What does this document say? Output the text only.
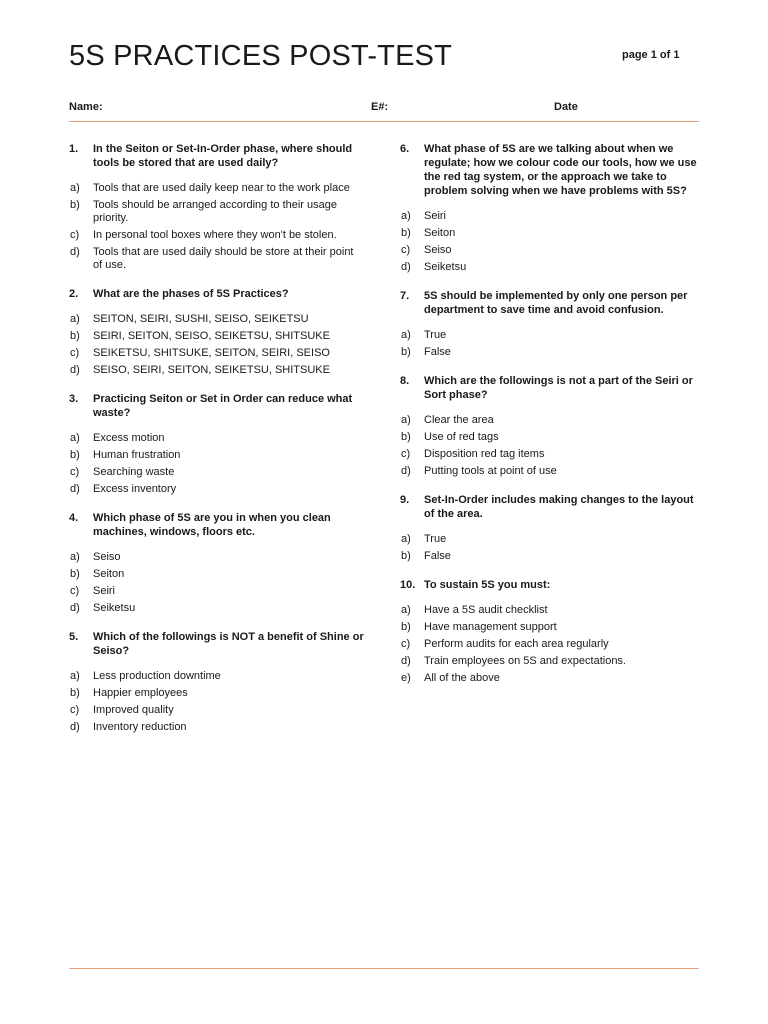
5S PRACTICES POST-TEST	page 1 of 1
Name:	E#:	Date
1.	In the Seiton or Set-In-Order phase, where should tools be stored that are used daily?
a)	Tools that are used daily keep near to the work place
b)	Tools should be arranged according to their usage priority.
c)	In personal tool boxes where they won't be stolen.
d)	Tools that are used daily should be store at their point of use.
2.	What are the phases of 5S Practices?
a)	SEITON, SEIRI, SUSHI, SEISO, SEIKETSU
b)	SEIRI, SEITON, SEISO, SEIKETSU, SHITSUKE
c)	SEIKETSU, SHITSUKE, SEITON, SEIRI, SEISO
d)	SEISO, SEIRI, SEITON, SEIKETSU, SHITSUKE
3.	Practicing Seiton or Set in Order can reduce what waste?
a)	Excess motion
b)	Human frustration
c)	Searching waste
d)	Excess inventory
4.	Which phase of 5S are you in when you clean machines, windows, floors etc.
a)	Seiso
b)	Seiton
c)	Seiri
d)	Seiketsu
5.	Which of the followings is NOT a benefit of Shine or Seiso?
a)	Less production downtime
b)	Happier employees
c)	Improved quality
d)	Inventory reduction
6.	What phase of 5S are we talking about when we regulate; how we colour code our tools, how we use the red tag system, or the approach we take to problem solving when we have problems with 5S?
a)	Seiri
b)	Seiton
c)	Seiso
d)	Seiketsu
7.	5S should be implemented by only one person per department to save time and avoid confusion.
a)	True
b)	False
8.	Which are the followings is not a part of the Seiri or Sort phase?
a)	Clear the area
b)	Use of red tags
c)	Disposition red tag items
d)	Putting tools at point of use
9.	Set-In-Order includes making changes to the layout of the area.
a)	True
b)	False
10. To sustain 5S you must:
a)	Have a 5S audit checklist
b)	Have management support
c)	Perform audits for each area regularly
d)	Train employees on 5S and expectations.
e)	All of the above
